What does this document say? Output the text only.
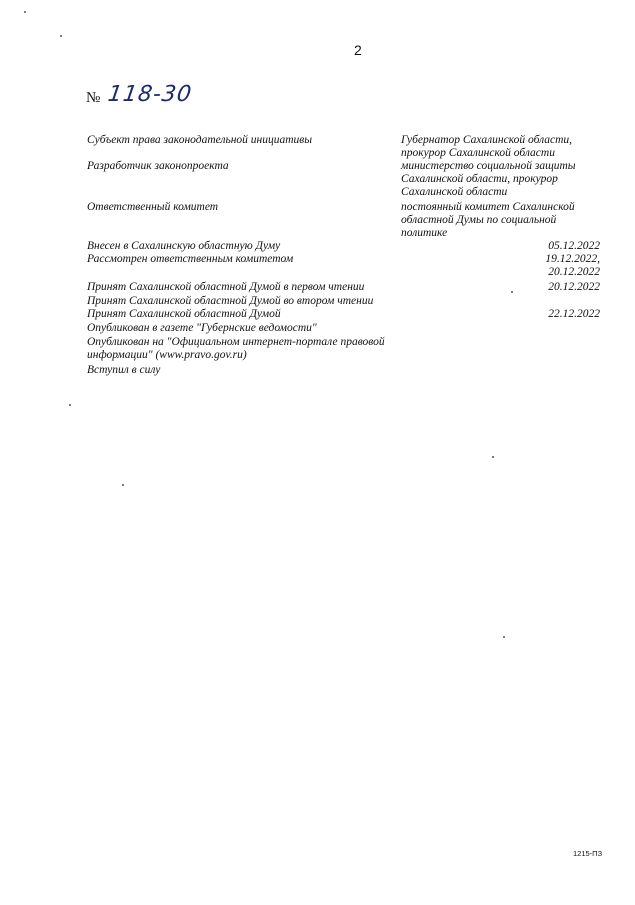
2
№ 118-30
Субъект права законодательной инициативы	Губернатор Сахалинской области,
прокурор Сахалинской области
Разработчик законопроекта	министерство социальной защиты
Сахалинской области, прокурор
Сахалинской области
Ответственный комитет	постоянный комитет Сахалинской
областной Думы по социальной
политике
Внесен в Сахалинскую областную Думу	05.12.2022
Рассмотрен ответственным комитетом	19.12.2022,
20.12.2022
Принят Сахалинской областной Думой в первом чтении	20.12.2022
Принят Сахалинской областной Думой во втором чтении
Принят Сахалинской областной Думой	22.12.2022
Опубликован в газете "Губернские ведомости"
Опубликован на "Официальном интернет-портале правовой
информации" (www.pravo.gov.ru)
Вступил в силу
1215-ПЗ
